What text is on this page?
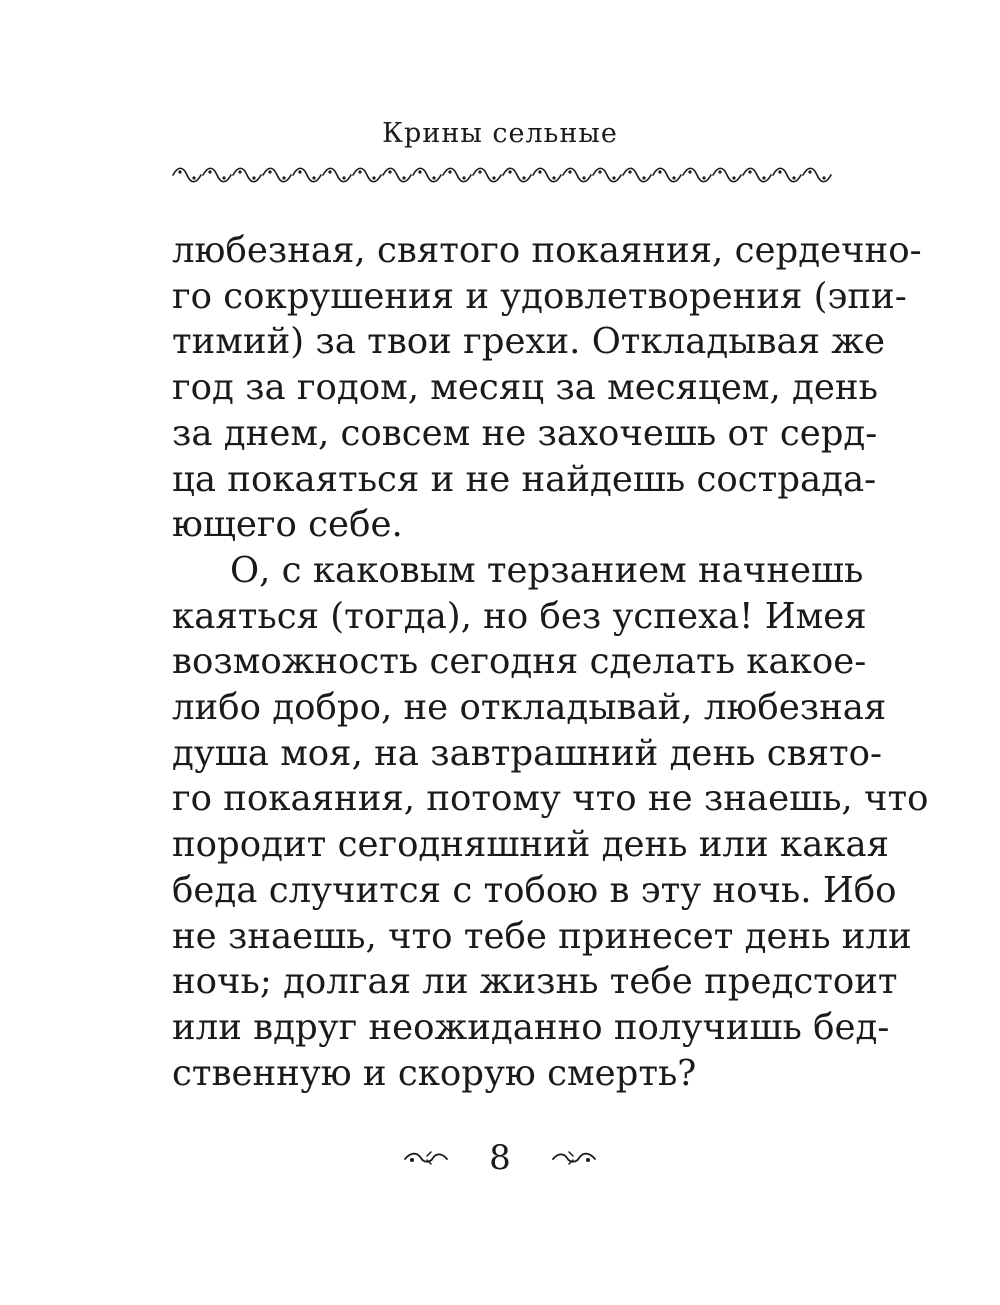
Крины сельные
любезная, святого покаяния, сердечно-
го сокрушения и удовлетворения (эпи-
тимий) за твои грехи. Откладывая же
год за годом, месяц за месяцем, день
за днем, совсем не захочешь от серд-
ца покаяться и не найдешь сострада-
ющего себе.
О, с каковым терзанием начнешь
каяться (тогда), но без успеха! Имея
возможность сегодня сделать какое-
либо добро, не откладывай, любезная
душа моя, на завтрашний день свято-
го покаяния, потому что не знаешь, что
породит сегодняшний день или какая
беда случится с тобою в эту ночь. Ибо
не знаешь, что тебе принесет день или
ночь; долгая ли жизнь тебе предстоит
или вдруг неожиданно получишь бед-
ственную и скорую смерть?
8
